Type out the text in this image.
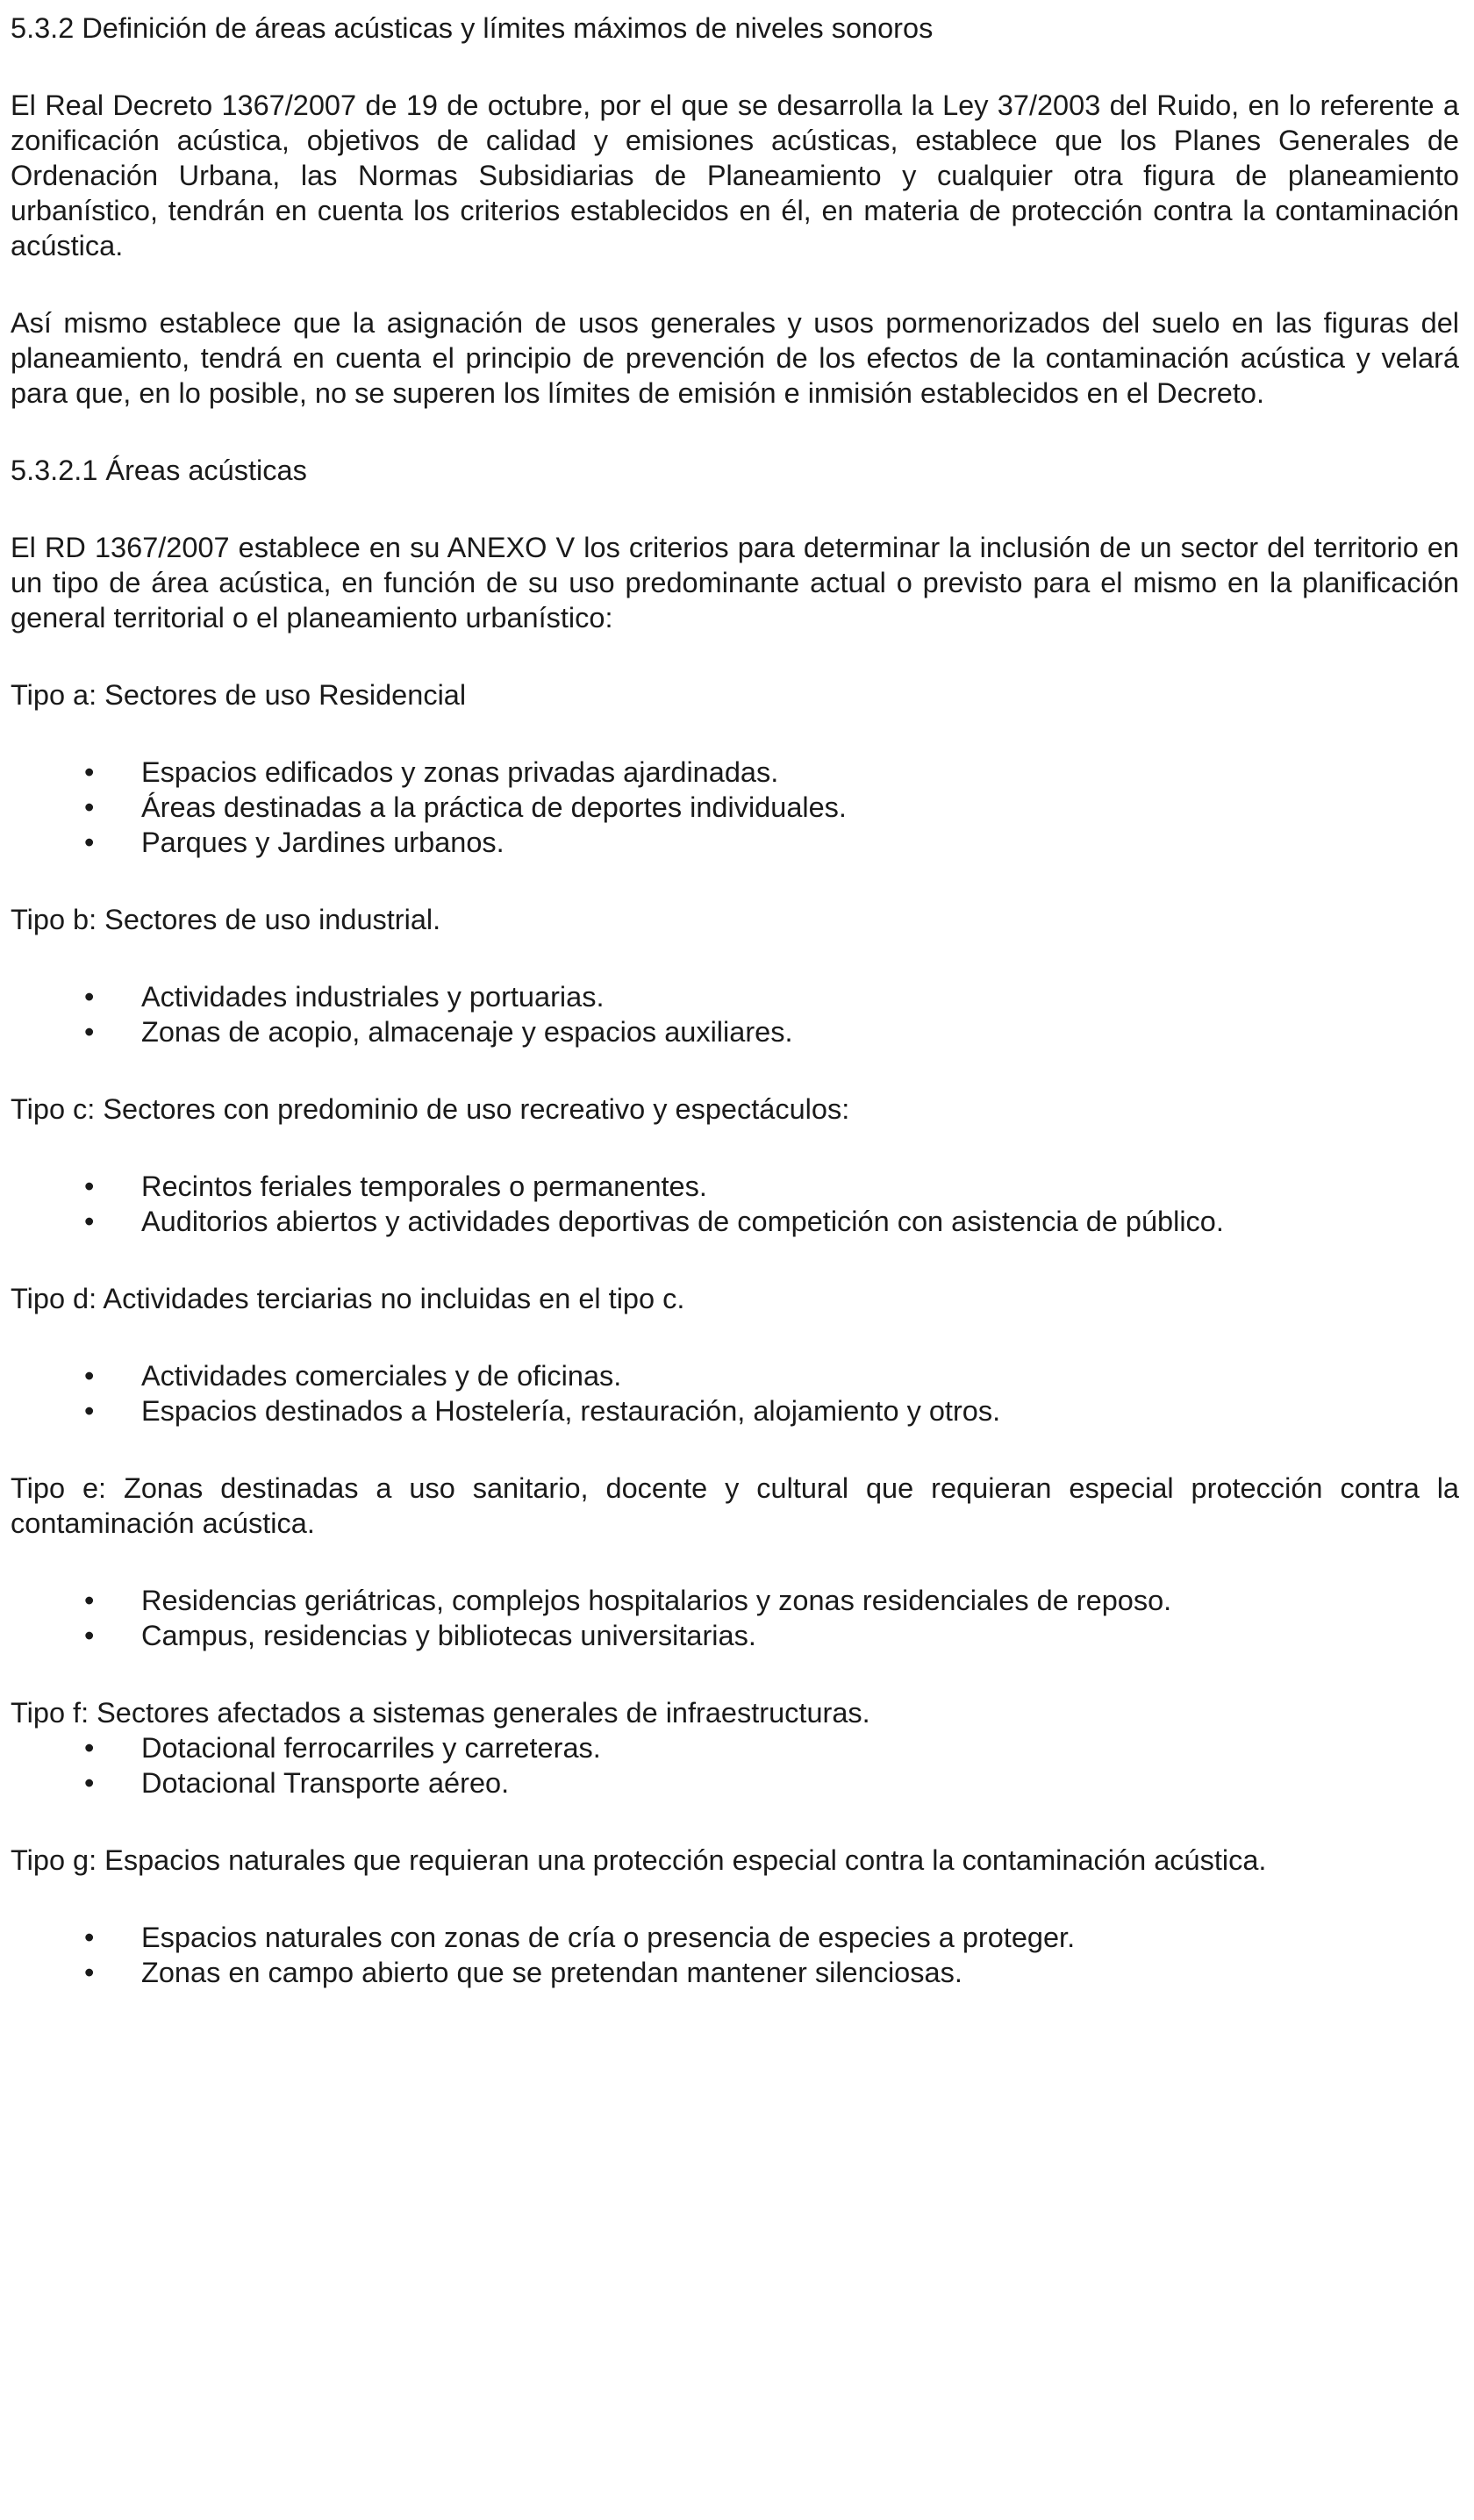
5.3.2 Definición de áreas acústicas y límites máximos de niveles sonoros

El Real Decreto 1367/2007 de 19 de octubre, por el que se desarrolla la Ley 37/2003 del Ruido, en lo referente a zonificación acústica, objetivos de calidad y emisiones acústicas, establece que los Planes Generales de Ordenación Urbana, las Normas Subsidiarias de Planeamiento y cualquier otra figura de planeamiento urbanístico, tendrán en cuenta los criterios establecidos en él, en materia de protección contra la contaminación acústica.

Así mismo establece que la asignación de usos generales y usos pormenorizados del suelo en las figuras del planeamiento, tendrá en cuenta el principio de prevención de los efectos de la contaminación acústica y velará para que, en lo posible, no se superen los límites de emisión e inmisión establecidos en el Decreto.

5.3.2.1 Áreas acústicas

El RD 1367/2007 establece en su ANEXO V los criterios para determinar la inclusión de un sector del territorio en un tipo de área acústica, en función de su uso predominante actual o previsto para el mismo en la planificación general territorial o el planeamiento urbanístico:

Tipo a: Sectores de uso Residencial

• Espacios edificados y zonas privadas ajardinadas.
• Áreas destinadas a la práctica de deportes individuales.
• Parques y Jardines urbanos.

Tipo b: Sectores de uso industrial.

• Actividades industriales y portuarias.
• Zonas de acopio, almacenaje y espacios auxiliares.

Tipo c: Sectores con predominio de uso recreativo y espectáculos:

• Recintos feriales temporales o permanentes.
• Auditorios abiertos y actividades deportivas de competición con asistencia de público.

Tipo d: Actividades terciarias no incluidas en el tipo c.

• Actividades comerciales y de oficinas.
• Espacios destinados a Hostelería, restauración, alojamiento y otros.

Tipo e: Zonas destinadas a uso sanitario, docente y cultural que requieran especial protección contra la contaminación acústica.

• Residencias geriátricas, complejos hospitalarios y zonas residenciales de reposo.
• Campus, residencias y bibliotecas universitarias.

Tipo f: Sectores afectados a sistemas generales de infraestructuras.

• Dotacional ferrocarriles y carreteras.
• Dotacional Transporte aéreo.

Tipo g: Espacios naturales que requieran una protección especial contra la contaminación acústica.

• Espacios naturales con zonas de cría o presencia de especies a proteger.
• Zonas en campo abierto que se pretendan mantener silenciosas.
